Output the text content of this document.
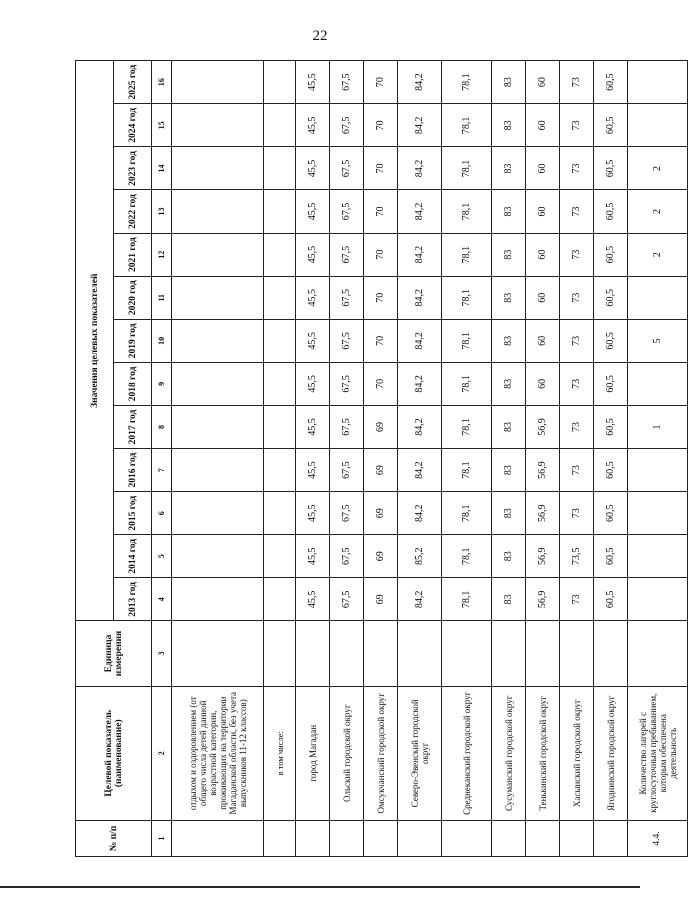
22
№ п/п	Целевой показатель (наименование)	Единица измерения	Значения целевых показателей												
			2013 год	2014 год	2015 год	2016 год	2017 год	2018 год	2019 год	2020 год	2021 год	2022 год	2023 год	2024 год	2025 год
1	2	3	4	5	6	7	8	9	10	11	12	13	14	15	16
	отдыхом и оздоровлением (от общего числа детей данной возрастной категории, проживающих на территории Магаданской области, без учета выпускников 11-12 классов)														
	в том числе:														
	город Магадан		45,5	45,5	45,5	45,5	45,5	45,5	45,5	45,5	45,5	45,5	45,5	45,5	45,5
	Ольский городской округ		67,5	67,5	67,5	67,5	67,5	67,5	67,5	67,5	67,5	67,5	67,5	67,5	67,5
	Омсукчанский городской округ		69	69	69	69	69	70	70	70	70	70	70	70	70
	Северо-Эвенский городской округ		84,2	85,2	84,2	84,2	84,2	84,2	84,2	84,2	84,2	84,2	84,2	84,2	84,2
	Среднеканский городской округ		78,1	78,1	78,1	78,1	78,1	78,1	78,1	78,1	78,1	78,1	78,1	78,1	78,1
	Сусуманский городской округ		83	83	83	83	83	83	83	83	83	83	83	83	83
	Тенькинский городской округ		56,9	56,9	56,9	56,9	56,9	60	60	60	60	60	60	60	60
	Хасынский городской округ		73	73,5	73	73	73	73	73	73	73	73	73	73	73
	Ягоднинский городской округ		60,5	60,5	60,5	60,5	60,5	60,5	60,5	60,5	60,5	60,5	60,5	60,5	60,5
4.4.	Количество лагерей с круглосуточным пребыванием, которым обеспечена деятельность						1		5		2	2	2		
